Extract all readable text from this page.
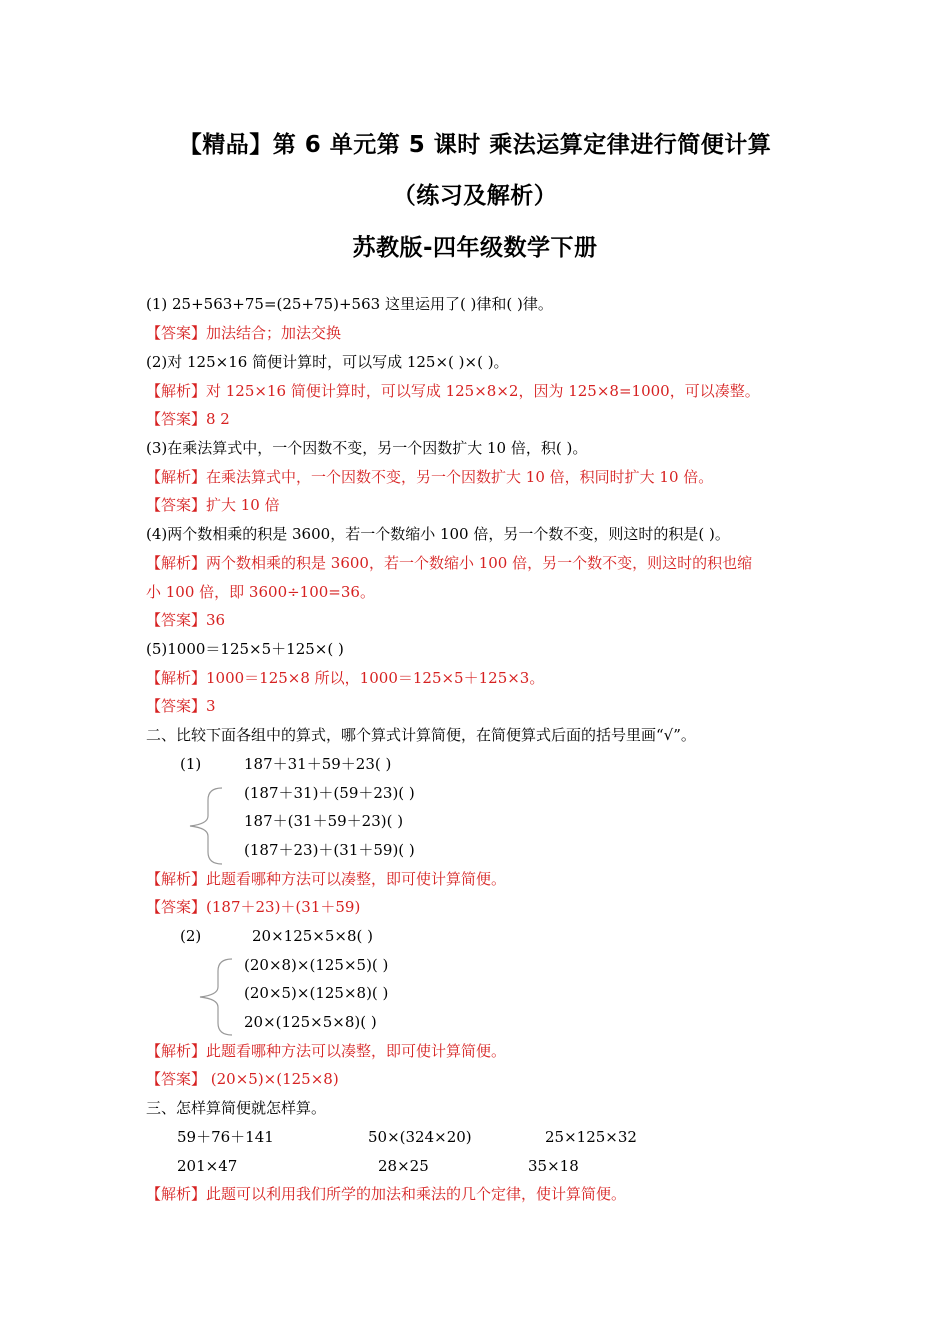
【精品】第 6 单元第 5 课时 乘法运算定律进行简便计算
（练习及解析）
苏教版-四年级数学下册
(1) 25+563+75=(25+75)+563 这里运用了( )律和( )律。
【答案】加法结合；加法交换
(2)对 125×16 简便计算时，可以写成 125×( )×( )。
【解析】对 125×16 简便计算时，可以写成 125×8×2，因为 125×8=1000，可以凑整。
【答案】8 2
(3)在乘法算式中，一个因数不变，另一个因数扩大 10 倍，积( )。
【解析】在乘法算式中，一个因数不变，另一个因数扩大 10 倍，积同时扩大 10 倍。
【答案】扩大 10 倍
(4)两个数相乘的积是 3600，若一个数缩小 100 倍，另一个数不变，则这时的积是( )。
【解析】两个数相乘的积是 3600，若一个数缩小 100 倍，另一个数不变，则这时的积也缩
小 100 倍，即 3600÷100=36。
【答案】36
(5)1000＝125×5＋125×( )
【解析】1000＝125×8 所以，1000＝125×5＋125×3。
【答案】3
二、比较下面各组中的算式，哪个算式计算简便，在简便算式后面的括号里画“√”。
(1)	187＋31＋59＋23( )
(187＋31)＋(59＋23)( )
187＋(31＋59＋23)( )
(187＋23)＋(31＋59)( )
【解析】此题看哪种方法可以凑整，即可使计算简便。
【答案】(187＋23)＋(31＋59)
(2)	20×125×5×8( )
(20×8)×(125×5)( )
(20×5)×(125×8)( )
20×(125×5×8)( )
【解析】此题看哪种方法可以凑整，即可使计算简便。
【答案】 (20×5)×(125×8)
三、怎样算简便就怎样算。
59＋76＋141	50×(324×20)	25×125×32
201×47	28×25	35×18
【解析】此题可以利用我们所学的加法和乘法的几个定律，使计算简便。
